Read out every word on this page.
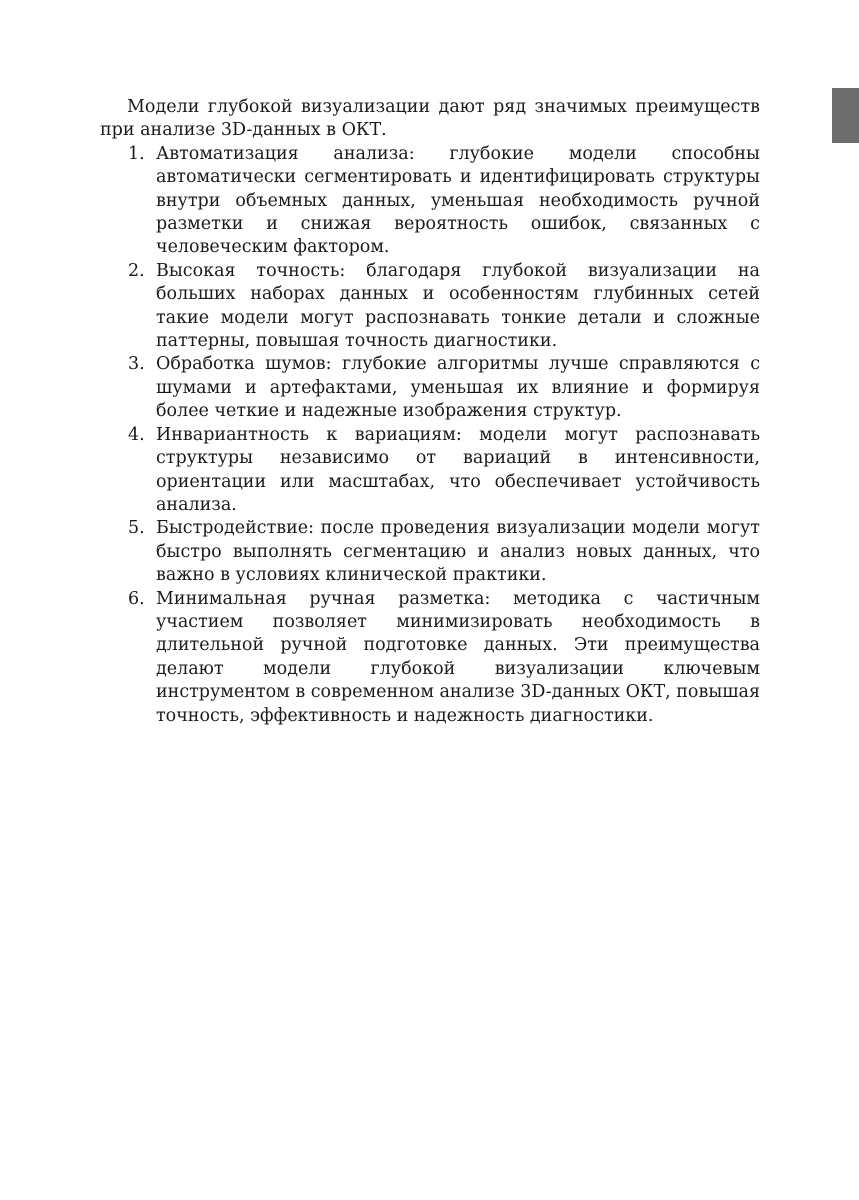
Модели глубокой визуализации дают ряд значимых преимуществ при анализе 3D-данных в ОКТ.

1. Автоматизация анализа: глубокие модели способны автоматически сегментировать и идентифицировать структуры внутри объемных данных, уменьшая необходимость ручной разметки и снижая вероятность ошибок, связанных с человеческим фактором.
2. Высокая точность: благодаря глубокой визуализации на больших наборах данных и особенностям глубинных сетей такие модели могут распознавать тонкие детали и сложные паттерны, повышая точность диагностики.
3. Обработка шумов: глубокие алгоритмы лучше справляются с шумами и артефактами, уменьшая их влияние и формируя более четкие и надежные изображения структур.
4. Инвариантность к вариациям: модели могут распознавать структуры независимо от вариаций в интенсивности, ориентации или масштабах, что обеспечивает устойчивость анализа.
5. Быстродействие: после проведения визуализации модели могут быстро выполнять сегментацию и анализ новых данных, что важно в условиях клинической практики.
6. Минимальная ручная разметка: методика с частичным участием позволяет минимизировать необходимость в длительной ручной подготовке данных. Эти преимущества делают модели глубокой визуализации ключевым инструментом в современном анализе 3D-данных ОКТ, повышая точность, эффективность и надежность диагностики.
